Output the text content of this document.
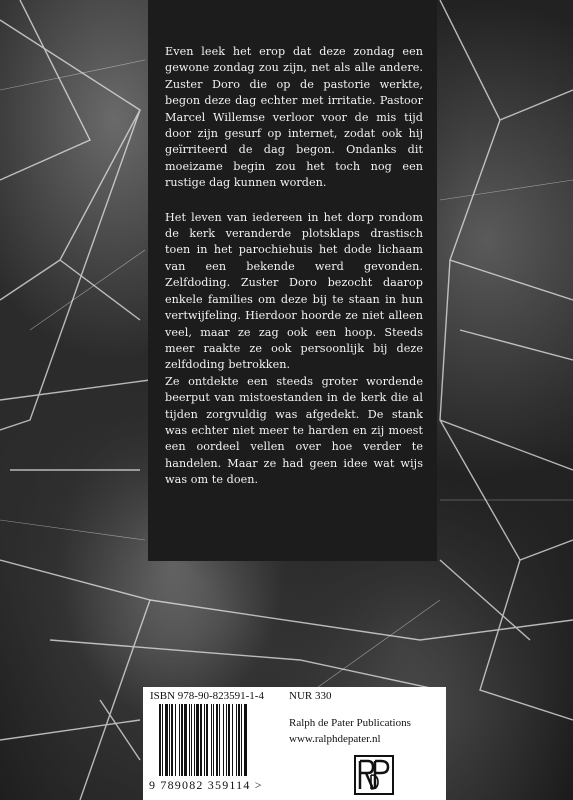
Even leek het erop dat deze zondag een gewone zondag zou zijn, net als alle andere. Zuster Doro die op de pastorie werkte, begon deze dag echter met irritatie. Pastoor Marcel Willemse verloor voor de mis tijd door zijn gesurf op internet, zodat ook hij geïrriteerd de dag begon. Ondanks dit moeizame begin zou het toch nog een rustige dag kunnen worden.

Het leven van iedereen in het dorp rondom de kerk veranderde plotsklaps drastisch toen in het parochiehuis het dode lichaam van een bekende werd gevonden. Zelfdoding. Zuster Doro bezocht daarop enkele families om deze bij te staan in hun vertwijfeling. Hierdoor hoorde ze niet alleen veel, maar ze zag ook een hoop. Steeds meer raakte ze ook persoonlijk bij deze zelfdoding betrokken.

Ze ontdekte een steeds groter wordende beerput van mistoestanden in de kerk die al tijden zorgvuldig was afgedekt. De stank was echter niet meer te harden en zij moest een oordeel vellen over hoe verder te handelen. Maar ze had geen idee wat wijs was om te doen.

ISBN 978-90-823591-1-4 NUR 330
Ralph de Pater Publications
www.ralphdepater.nl
9 789082 359114 >
